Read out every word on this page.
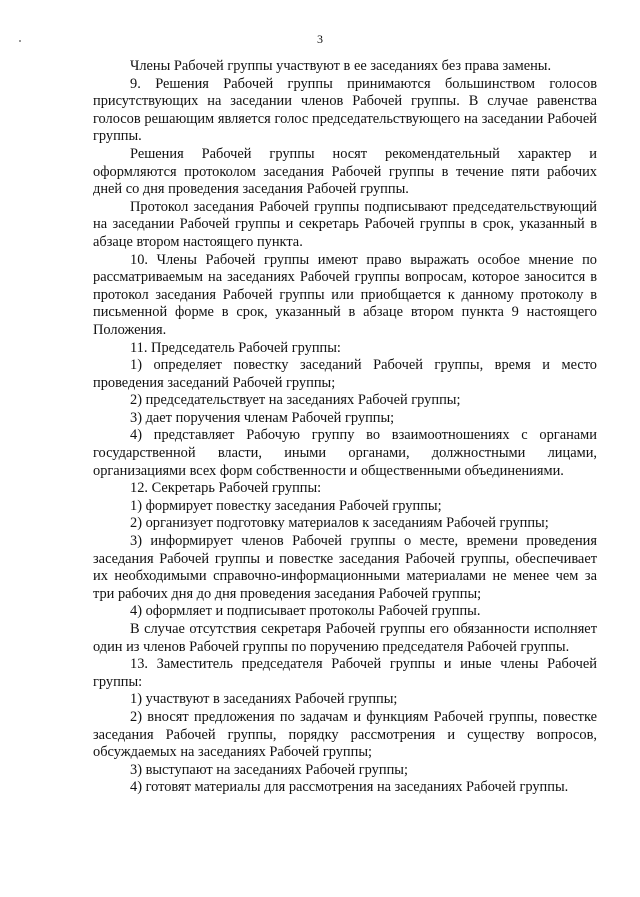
3

Члены Рабочей группы участвуют в ее заседаниях без права замены.

9. Решения Рабочей группы принимаются большинством голосов присутствующих на заседании членов Рабочей группы. В случае равенства голосов решающим является голос председательствующего на заседании Рабочей группы.

Решения Рабочей группы носят рекомендательный характер и оформляются протоколом заседания Рабочей группы в течение пяти рабочих дней со дня проведения заседания Рабочей группы.

Протокол заседания Рабочей группы подписывают председательствующий на заседании Рабочей группы и секретарь Рабочей группы в срок, указанный в абзаце втором настоящего пункта.

10. Члены Рабочей группы имеют право выражать особое мнение по рассматриваемым на заседаниях Рабочей группы вопросам, которое заносится в протокол заседания Рабочей группы или приобщается к данному протоколу в письменной форме в срок, указанный в абзаце втором пункта 9 настоящего Положения.

11. Председатель Рабочей группы:

1) определяет повестку заседаний Рабочей группы, время и место проведения заседаний Рабочей группы;

2) председательствует на заседаниях Рабочей группы;

3) дает поручения членам Рабочей группы;

4) представляет Рабочую группу во взаимоотношениях с органами государственной власти, иными органами, должностными лицами, организациями всех форм собственности и общественными объединениями.

12. Секретарь Рабочей группы:

1) формирует повестку заседания Рабочей группы;

2) организует подготовку материалов к заседаниям Рабочей группы;

3) информирует членов Рабочей группы о месте, времени проведения заседания Рабочей группы и повестке заседания Рабочей группы, обеспечивает их необходимыми справочно-информационными материалами не менее чем за три рабочих дня до дня проведения заседания Рабочей группы;

4) оформляет и подписывает протоколы Рабочей группы.

В случае отсутствия секретаря Рабочей группы его обязанности исполняет один из членов Рабочей группы по поручению председателя Рабочей группы.

13. Заместитель председателя Рабочей группы и иные члены Рабочей группы:

1) участвуют в заседаниях Рабочей группы;

2) вносят предложения по задачам и функциям Рабочей группы, повестке заседания Рабочей группы, порядку рассмотрения и существу вопросов, обсуждаемых на заседаниях Рабочей группы;

3) выступают на заседаниях Рабочей группы;

4) готовят материалы для рассмотрения на заседаниях Рабочей группы.
